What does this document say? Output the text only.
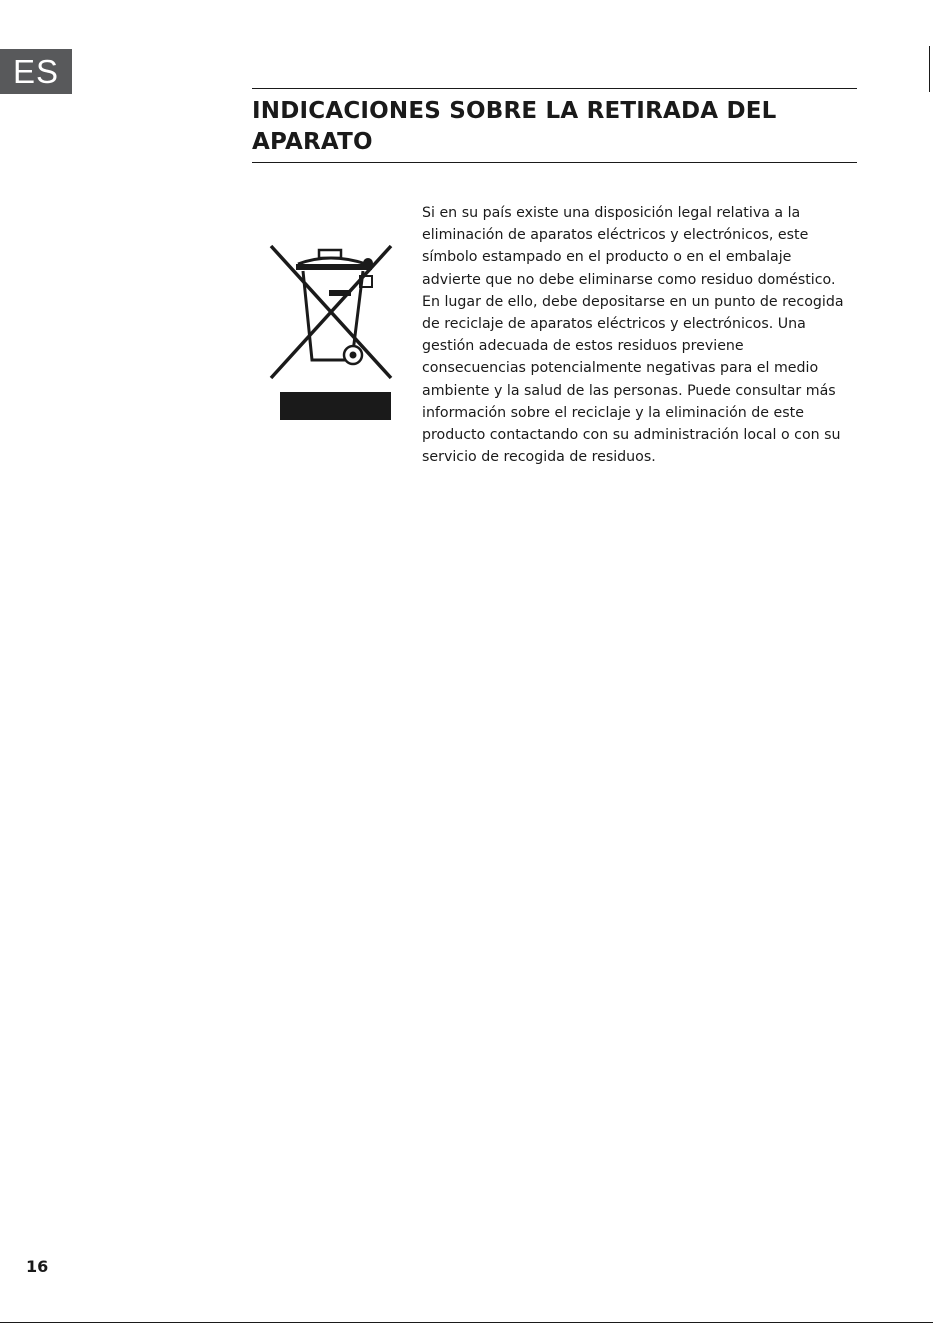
ES
INDICACIONES SOBRE LA RETIRADA DEL APARATO

Si en su país existe una disposición legal relativa a la eliminación de aparatos eléctricos y electrónicos, este símbolo estampado en el producto o en el embalaje advierte que no debe eliminarse como residuo doméstico. En lugar de ello, debe depositarse en un punto de recogida de reciclaje de aparatos eléctricos y electrónicos. Una gestión adecuada de estos residuos previene consecuencias potencialmente negativas para el medio ambiente y la salud de las personas. Puede consultar más información sobre el reciclaje y la eliminación de este producto contactando con su administración local o con su servicio de recogida de residuos.

16
